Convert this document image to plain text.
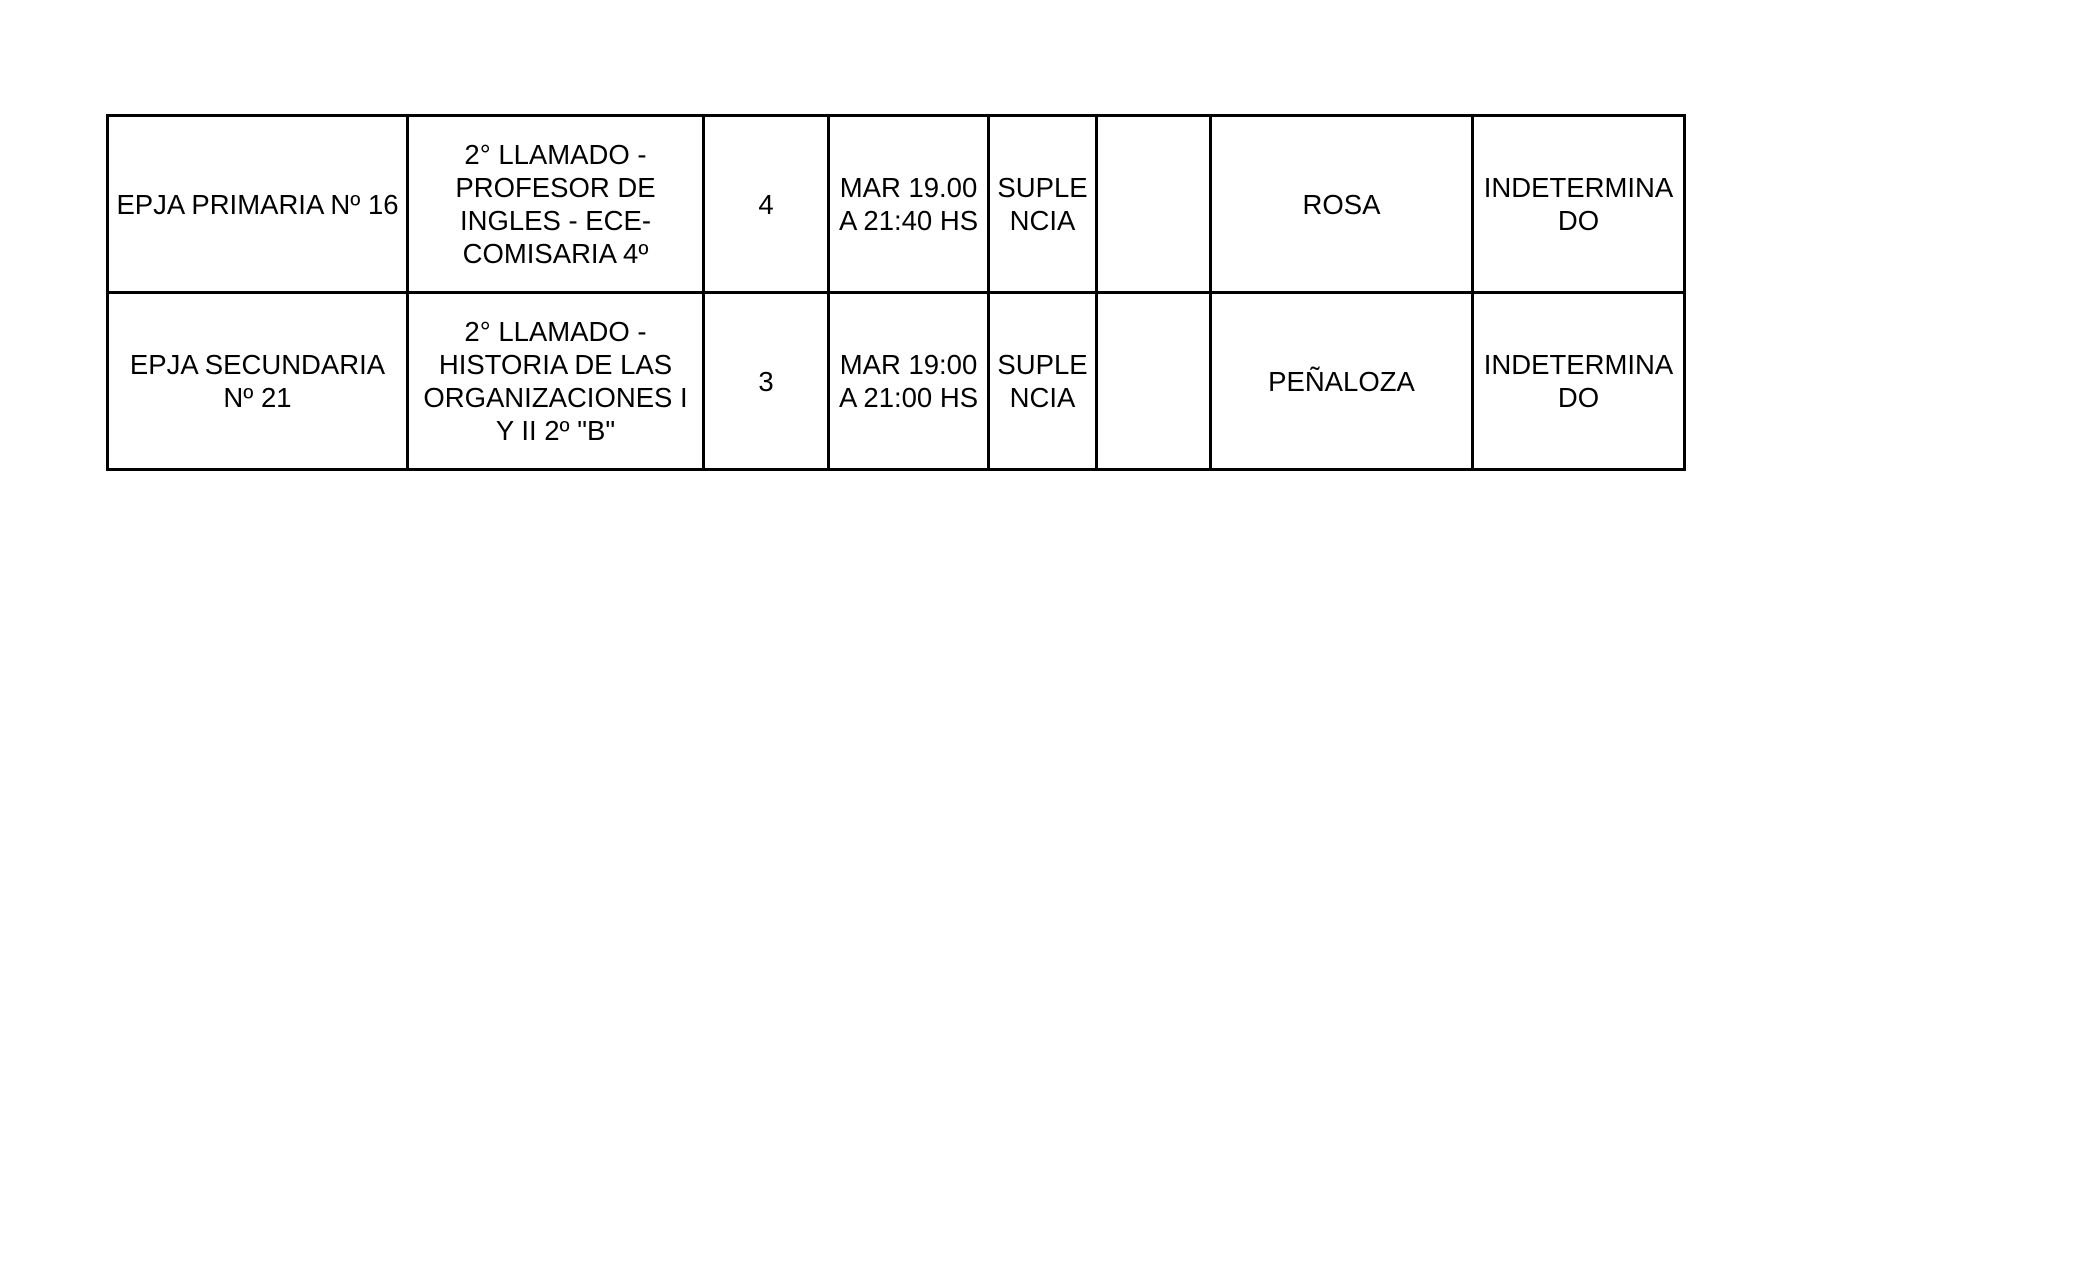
EPJA PRIMARIA Nº 16	2° LLAMADO -
PROFESOR DE
INGLES - ECE-
COMISARIA 4º	4	MAR 19.00
A 21:40 HS	SUPLE
NCIA		ROSA	INDETERMINA
DO

EPJA SECUNDARIA
Nº 21	2° LLAMADO -
HISTORIA DE LAS
ORGANIZACIONES I
Y II 2º "B"	3	MAR 19:00
A 21:00 HS	SUPLE
NCIA		PEÑALOZA	INDETERMINA
DO
